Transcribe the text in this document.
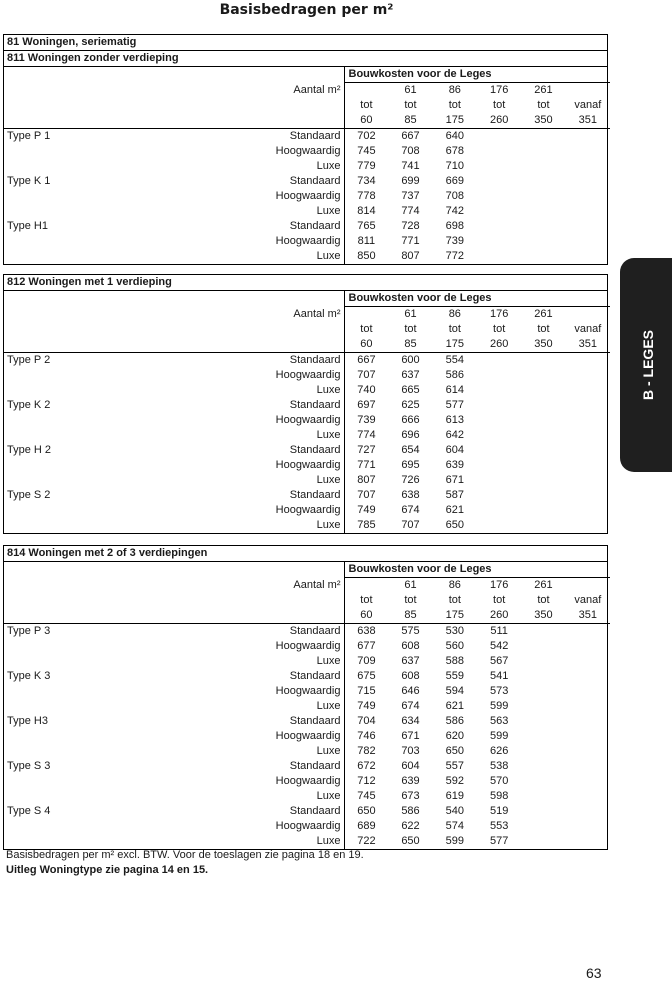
Basisbedragen per m²
81 Woningen, seriematig
811 Woningen zonder verdieping
		Bouwkosten voor de Leges					
	Aantal m²		61	86	176	261	
		tot	tot	tot	tot	tot	vanaf
		60	85	175	260	350	351
Type P 1	Standaard	702	667	640			
	Hoogwaardig	745	708	678			
	Luxe	779	741	710			
Type K 1	Standaard	734	699	669			
	Hoogwaardig	778	737	708			
	Luxe	814	774	742			
Type H1	Standaard	765	728	698			
	Hoogwaardig	811	771	739			
	Luxe	850	807	772			
812 Woningen met 1 verdieping
		Bouwkosten voor de Leges					
	Aantal m²		61	86	176	261	
		tot	tot	tot	tot	tot	vanaf
		60	85	175	260	350	351
Type P 2	Standaard	667	600	554			
	Hoogwaardig	707	637	586			
	Luxe	740	665	614			
Type K 2	Standaard	697	625	577			
	Hoogwaardig	739	666	613			
	Luxe	774	696	642			
Type H 2	Standaard	727	654	604			
	Hoogwaardig	771	695	639			
	Luxe	807	726	671			
Type S 2	Standaard	707	638	587			
	Hoogwaardig	749	674	621			
	Luxe	785	707	650			
814 Woningen met 2 of 3 verdiepingen
		Bouwkosten voor de Leges					
	Aantal m²		61	86	176	261	
		tot	tot	tot	tot	tot	vanaf
		60	85	175	260	350	351
Type P 3	Standaard	638	575	530	511		
	Hoogwaardig	677	608	560	542		
	Luxe	709	637	588	567		
Type K 3	Standaard	675	608	559	541		
	Hoogwaardig	715	646	594	573		
	Luxe	749	674	621	599		
Type H3	Standaard	704	634	586	563		
	Hoogwaardig	746	671	620	599		
	Luxe	782	703	650	626		
Type S 3	Standaard	672	604	557	538		
	Hoogwaardig	712	639	592	570		
	Luxe	745	673	619	598		
Type S 4	Standaard	650	586	540	519		
	Hoogwaardig	689	622	574	553		
	Luxe	722	650	599	577		
Basisbedragen per m² excl. BTW. Voor de toeslagen zie pagina 18 en 19.
Uitleg Woningtype zie pagina 14 en 15.
B - LEGES
63
